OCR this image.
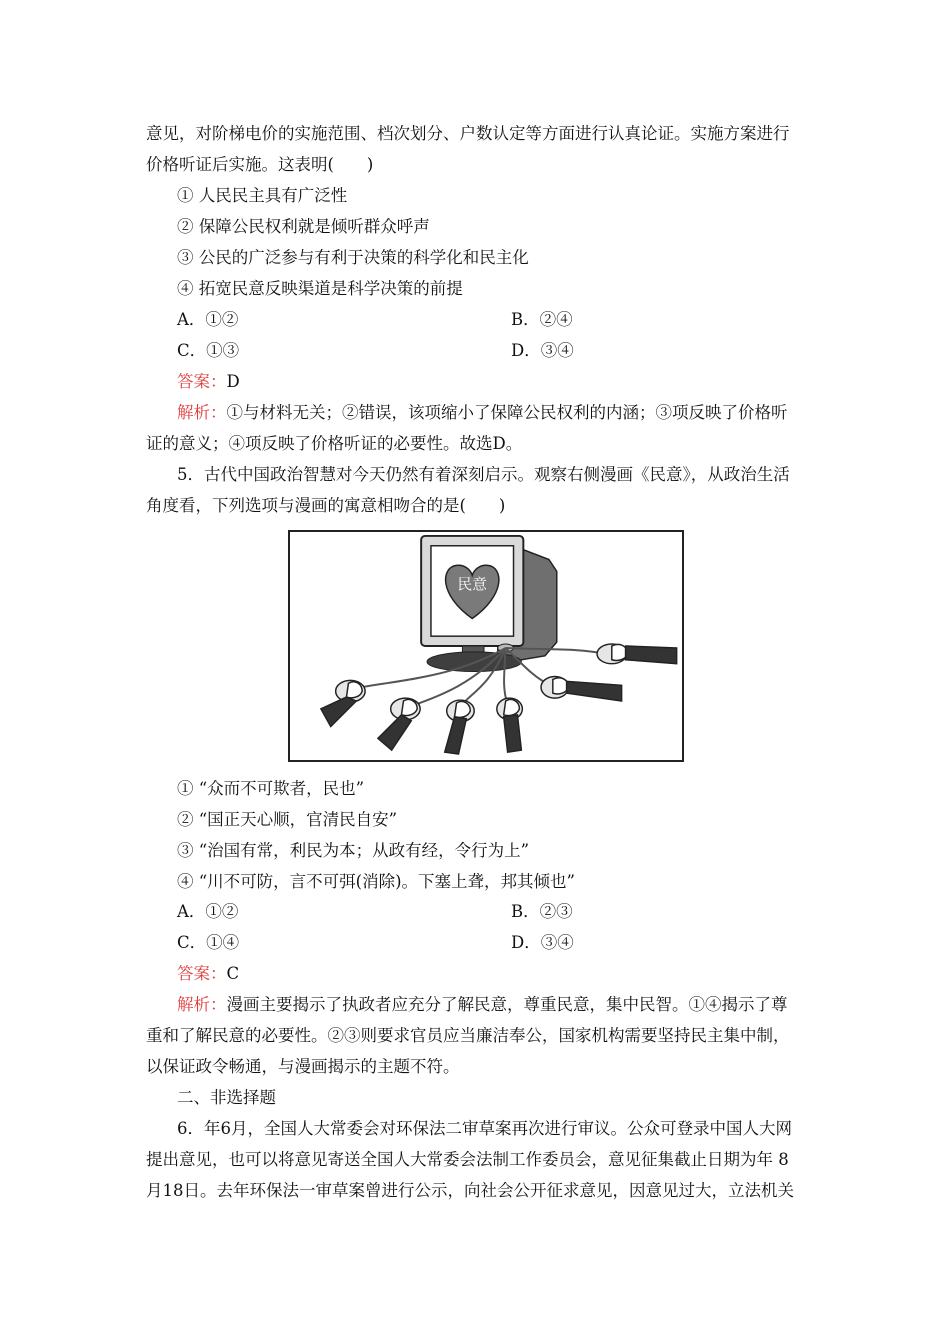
意见，对阶梯电价的实施范围、档次划分、户数认定等方面进行认真论证。实施方案进行
价格听证后实施。这表明(　　)
① 人民民主具有广泛性
② 保障公民权利就是倾听群众呼声
③ 公民的广泛参与有利于决策的科学化和民主化
④ 拓宽民意反映渠道是科学决策的前提
A．①②	B．②④
C．①③	D．③④
答案：D
解析：①与材料无关；②错误，该项缩小了保障公民权利的内涵；③项反映了价格听
证的意义；④项反映了价格听证的必要性。故选D。
5．古代中国政治智慧对今天仍然有着深刻启示。观察右侧漫画《民意》，从政治生活
角度看，下列选项与漫画的寓意相吻合的是(　　)
民意
① “众而不可欺者，民也”
② “国正天心顺，官清民自安”
③ “治国有常，利民为本；从政有经，令行为上”
④ “川不可防，言不可弭(消除)。下塞上聋，邦其倾也”
A．①②	B．②③
C．①④	D．③④
答案：C
解析：漫画主要揭示了执政者应充分了解民意，尊重民意，集中民智。①④揭示了尊
重和了解民意的必要性。②③则要求官员应当廉洁奉公，国家机构需要坚持民主集中制，
以保证政令畅通，与漫画揭示的主题不符。
二、非选择题
6．年6月，全国人大常委会对环保法二审草案再次进行审议。公众可登录中国人大网
提出意见，也可以将意见寄送全国人大常委会法制工作委员会，意见征集截止日期为年 8
月18日。去年环保法一审草案曾进行公示，向社会公开征求意见，因意见过大，立法机关
